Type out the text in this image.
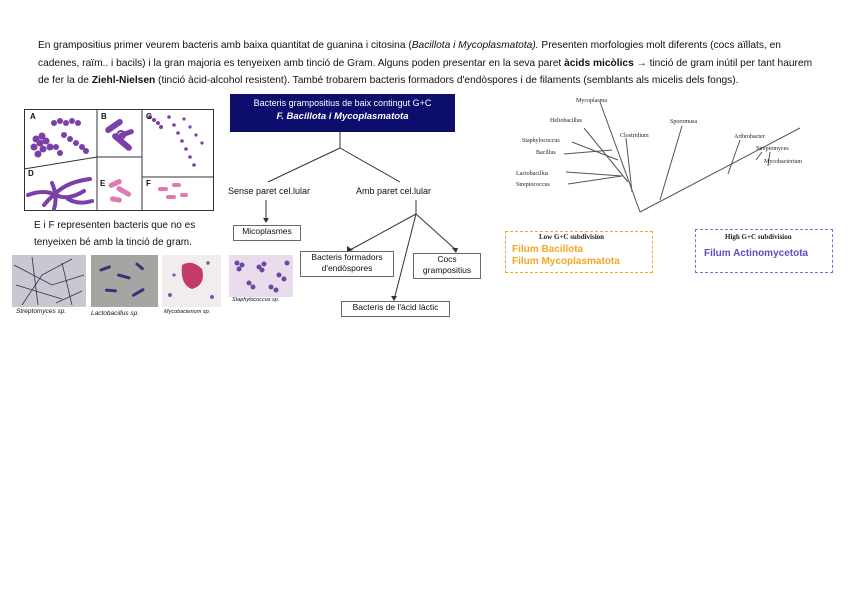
En grampositius primer veurem bacteris amb baixa quantitat de guanina i citosina (Bacillota i Mycoplasmatota). Presenten morfologies molt diferents (cocs aïllats, en cadenes, raïm.. i bacils) i la gran majoria es tenyeixen amb tinció de Gram. Alguns poden presentar en la seva paret àcids micòlics → tinció de gram inútil per tant haurem de fer la de Ziehl-Nielsen (tinció àcid-alcohol resistent). També trobarem bacteris formadors d'endòspores i de filaments (semblants als micelis dels fongs).
A	B	C
D
E	F
E i F representen bacteris que no es tenyeixen bé amb la tinció de gram.
Streptomyces sp.	Lactobacillus sp.	Mycobacterium sp.
Staphylococcus sp.
Bacteris grampositius de baix contingut G+C
F. Bacillota i Mycoplasmatota
Sense paret cel.lular	Amb paret cel.lular
Micoplasmes
Bacteris formadors d'endòspores
Cocs grampositius
Bacteris de l'àcid làctic
Mycoplasma
Heliobacillus
Staphylococcus
Bacillus
Clostridium
Sporomusa
Lactobacillus
Streptococcus
Arthrobacter
Streptomyces
Mycobacterium
Filum Bacillota
Filum Mycoplasmatota
Low G+C subdivision
Filum Actinomycetota
High G+C subdivision
